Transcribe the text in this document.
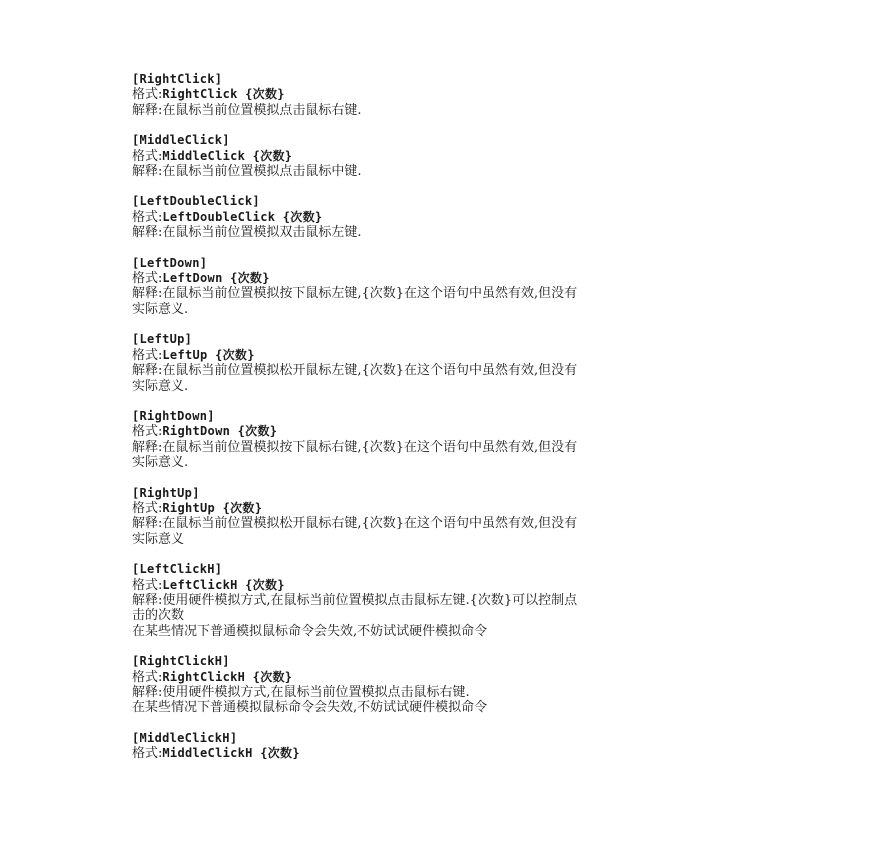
[RightClick]
格式:RightClick {次数}
解释:在鼠标当前位置模拟点击鼠标右键.
[MiddleClick]
格式:MiddleClick {次数}
解释:在鼠标当前位置模拟点击鼠标中键.
[LeftDoubleClick]
格式:LeftDoubleClick {次数}
解释:在鼠标当前位置模拟双击鼠标左键.
[LeftDown]
格式:LeftDown {次数}
解释:在鼠标当前位置模拟按下鼠标左键,{次数}在这个语句中虽然有效,但没有
实际意义.
[LeftUp]
格式:LeftUp {次数}
解释:在鼠标当前位置模拟松开鼠标左键,{次数}在这个语句中虽然有效,但没有
实际意义.
[RightDown]
格式:RightDown {次数}
解释:在鼠标当前位置模拟按下鼠标右键,{次数}在这个语句中虽然有效,但没有
实际意义.
[RightUp]
格式:RightUp {次数}
解释:在鼠标当前位置模拟松开鼠标右键,{次数}在这个语句中虽然有效,但没有
实际意义
[LeftClickH]
格式:LeftClickH {次数}
解释:使用硬件模拟方式,在鼠标当前位置模拟点击鼠标左键.{次数}可以控制点
击的次数
在某些情况下普通模拟鼠标命令会失效,不妨试试硬件模拟命令
[RightClickH]
格式:RightClickH {次数}
解释:使用硬件模拟方式,在鼠标当前位置模拟点击鼠标右键.
在某些情况下普通模拟鼠标命令会失效,不妨试试硬件模拟命令
[MiddleClickH]
格式:MiddleClickH {次数}
